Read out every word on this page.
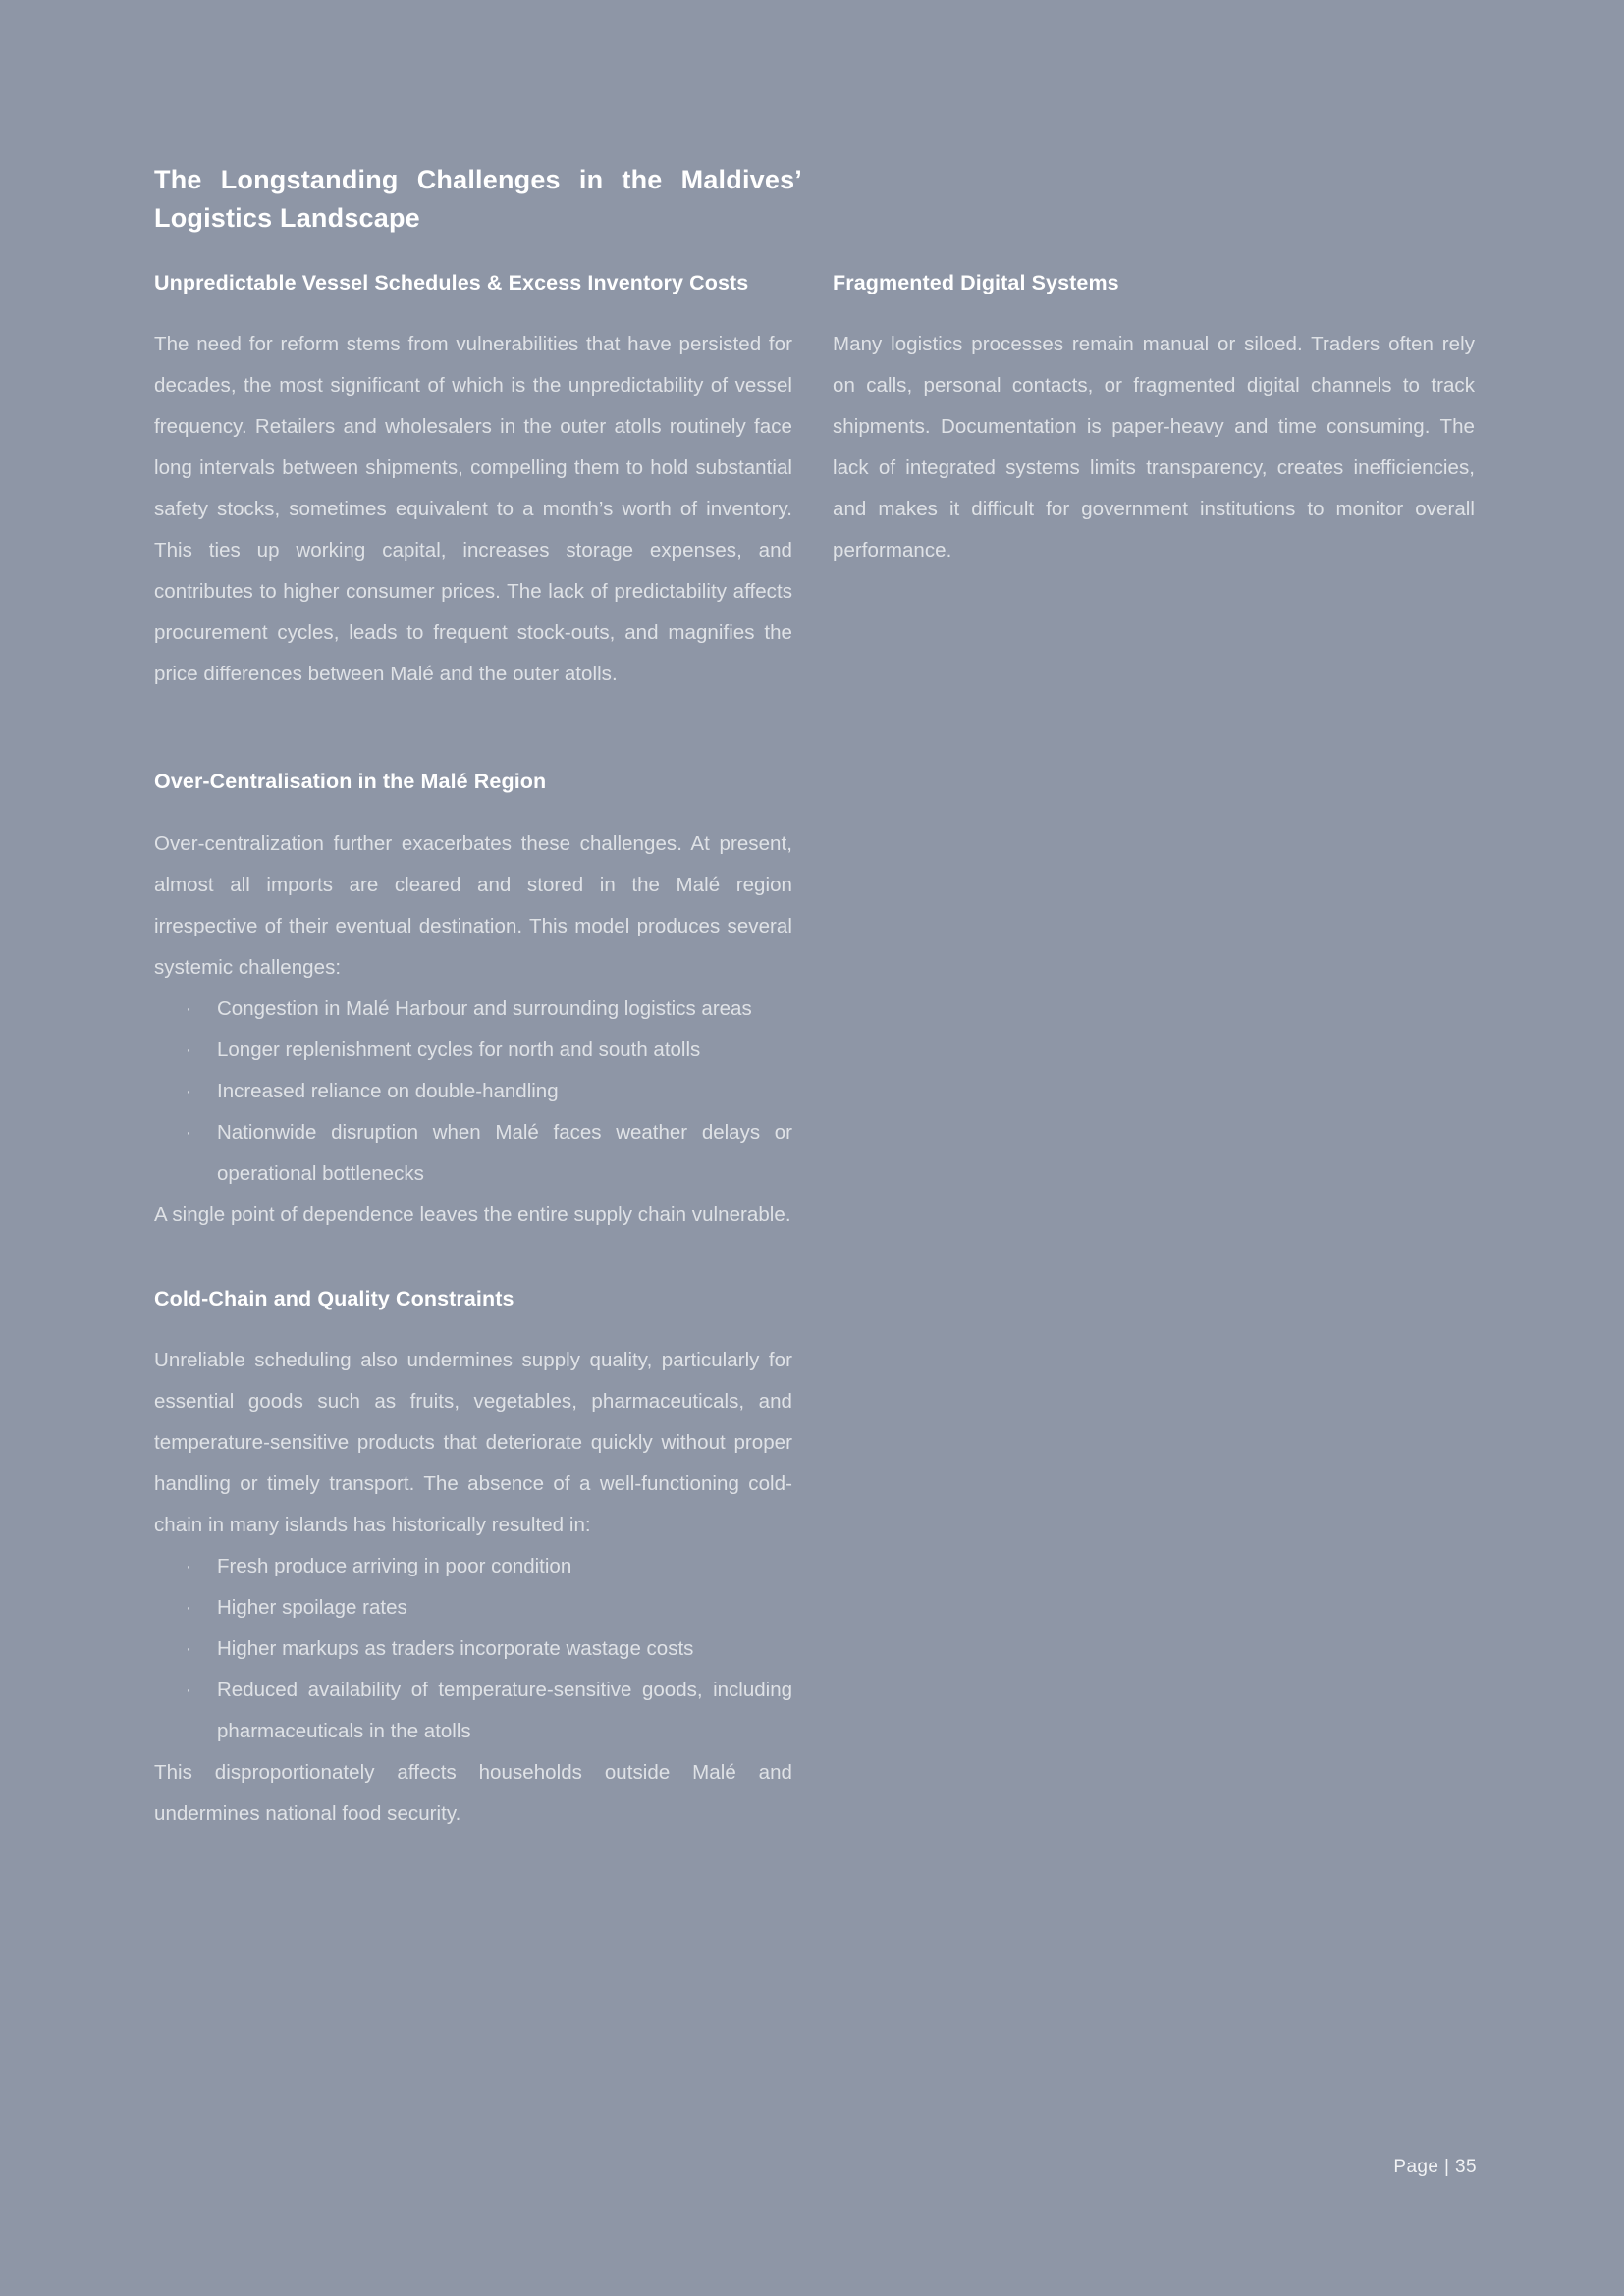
The Longstanding Challenges in the Maldives’ Logistics Landscape
Unpredictable Vessel Schedules & Excess Inventory Costs

The need for reform stems from vulnerabilities that have persisted for decades, the most significant of which is the unpredictability of vessel frequency. Retailers and wholesalers in the outer atolls routinely face long intervals between shipments, compelling them to hold substantial safety stocks, sometimes equivalent to a month’s worth of inventory. This ties up working capital, increases storage expenses, and contributes to higher consumer prices. The lack of predictability affects procurement cycles, leads to frequent stock-outs, and magnifies the price differences between Malé and the outer atolls.

Over-Centralisation in the Malé Region

Over-centralization further exacerbates these challenges. At present, almost all imports are cleared and stored in the Malé region irrespective of their eventual destination. This model produces several systemic challenges:

· Congestion in Malé Harbour and surrounding logistics areas
· Longer replenishment cycles for north and south atolls
· Increased reliance on double-handling
· Nationwide disruption when Malé faces weather delays or operational bottlenecks

A single point of dependence leaves the entire supply chain vulnerable.

Cold-Chain and Quality Constraints

Unreliable scheduling also undermines supply quality, particularly for essential goods such as fruits, vegetables, pharmaceuticals, and temperature-sensitive products that deteriorate quickly without proper handling or timely transport. The absence of a well-functioning cold-chain in many islands has historically resulted in:

· Fresh produce arriving in poor condition
· Higher spoilage rates
· Higher markups as traders incorporate wastage costs
· Reduced availability of temperature-sensitive goods, including pharmaceuticals in the atolls

This disproportionately affects households outside Malé and undermines national food security.

Fragmented Digital Systems

Many logistics processes remain manual or siloed. Traders often rely on calls, personal contacts, or fragmented digital channels to track shipments. Documentation is paper-heavy and time consuming. The lack of integrated systems limits transparency, creates inefficiencies, and makes it difficult for government institutions to monitor overall performance.

Page | 35
